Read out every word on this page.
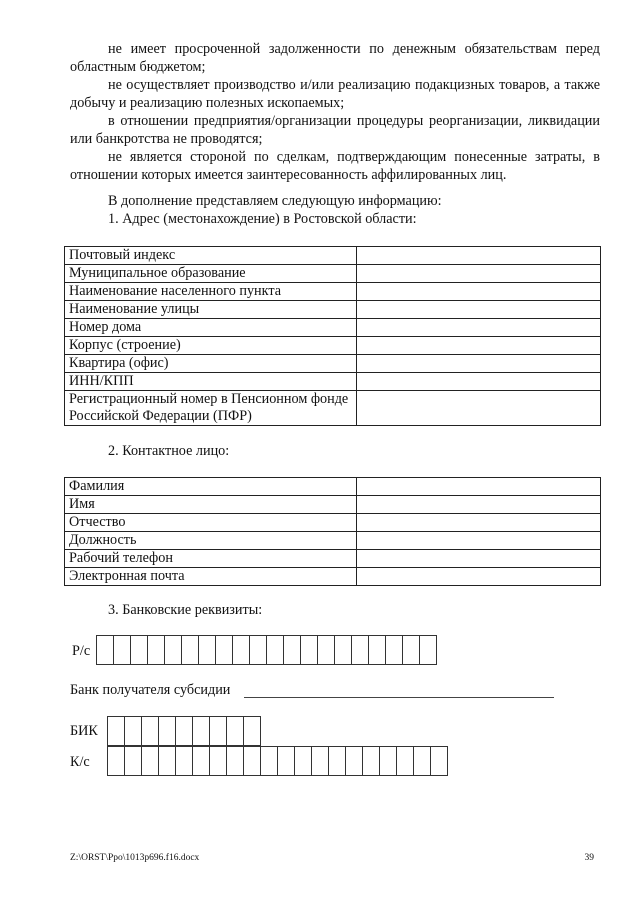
не имеет просроченной задолженности по денежным обязательствам перед областным бюджетом;

не осуществляет производство и/или реализацию подакцизных товаров, а также добычу и реализацию полезных ископаемых;

в отношении предприятия/организации процедуры реорганизации, ликвидации или банкротства не проводятся;

не является стороной по сделкам, подтверждающим понесенные затраты, в отношении которых имеется заинтересованность аффилированных лиц.

В дополнение представляем следующую информацию:

1. Адрес (местонахождение) в Ростовской области:

Почтовый индекс	
Муниципальное образование	
Наименование населенного пункта	
Наименование улицы	
Номер дома	
Корпус (строение)	
Квартира (офис)	
ИНН/КПП	
Регистрационный номер в Пенсионном фонде Российской Федерации (ПФР)	

2. Контактное лицо:

Фамилия	
Имя	
Отчество	
Должность	
Рабочий телефон	
Электронная почта	

3. Банковские реквизиты:

Р/с
Банк получателя субсидии
БИК
К/с
Z:\ORST\Ppo\1013p696.f16.docx	39
